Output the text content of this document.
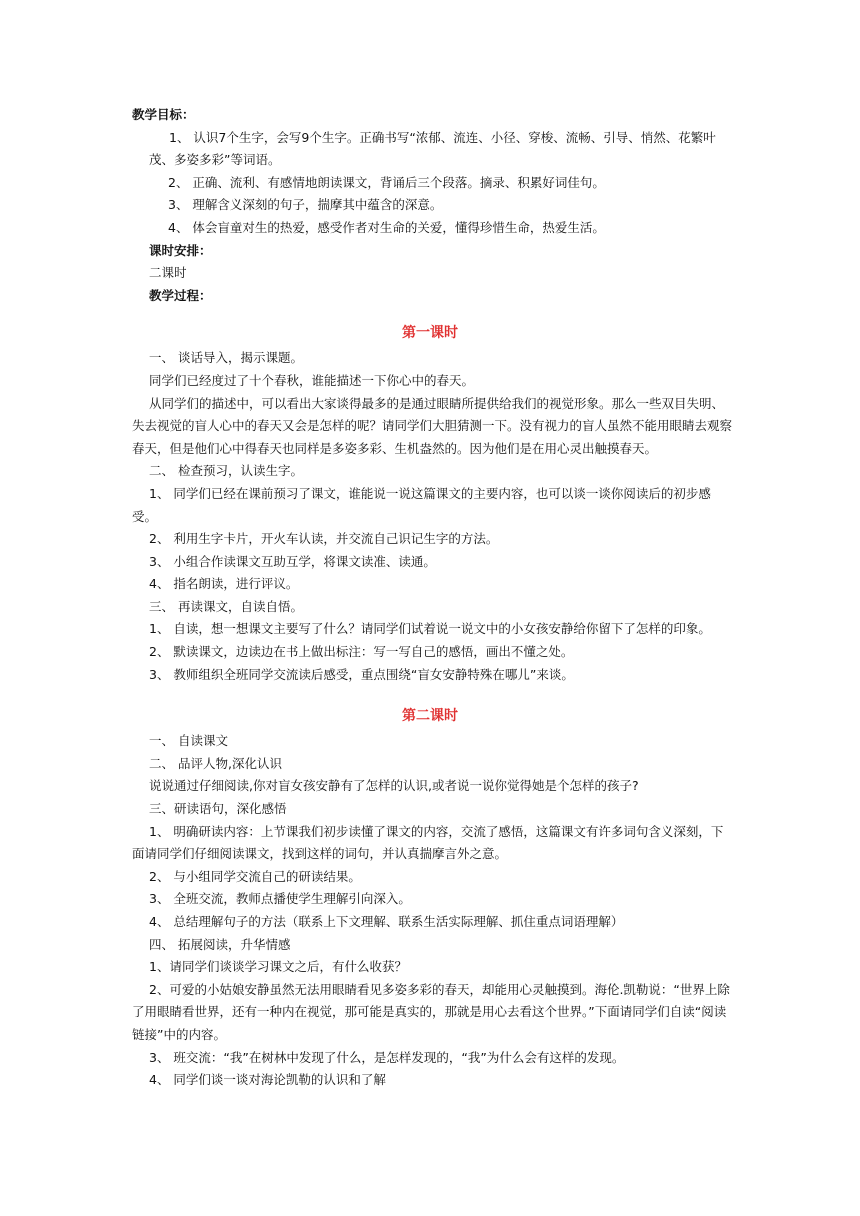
教学目标：

1、 认识7个生字，会写9个生字。正确书写“浓郁、流连、小径、穿梭、流畅、引导、悄然、花繁叶茂、多姿多彩”等词语。

2、 正确、流利、有感情地朗读课文，背诵后三个段落。摘录、积累好词佳句。

3、 理解含义深刻的句子，揣摩其中蕴含的深意。

4、 体会盲童对生的热爱，感受作者对生命的关爱，懂得珍惜生命，热爱生活。

课时安排：

二课时

教学过程：

第一课时

一、 谈话导入，揭示课题。

同学们已经度过了十个春秋，谁能描述一下你心中的春天。

从同学们的描述中，可以看出大家谈得最多的是通过眼睛所提供给我们的视觉形象。那么一些双目失明、失去视觉的盲人心中的春天又会是怎样的呢？请同学们大胆猜测一下。没有视力的盲人虽然不能用眼睛去观察春天，但是他们心中得春天也同样是多姿多彩、生机盎然的。因为他们是在用心灵出触摸春天。

二、 检查预习，认读生字。

1、 同学们已经在课前预习了课文，谁能说一说这篇课文的主要内容，也可以谈一谈你阅读后的初步感受。

2、 利用生字卡片，开火车认读，并交流自己识记生字的方法。

3、 小组合作读课文互助互学，将课文读准、读通。

4、 指名朗读，进行评议。

三、 再读课文，自读自悟。

1、 自读，想一想课文主要写了什么？请同学们试着说一说文中的小女孩安静给你留下了怎样的印象。

2、 默读课文，边读边在书上做出标注：写一写自己的感悟，画出不懂之处。

3、 教师组织全班同学交流读后感受，重点围绕“盲女安静特殊在哪儿”来谈。

第二课时

一、 自读课文

二、 品评人物,深化认识

说说通过仔细阅读,你对盲女孩安静有了怎样的认识,或者说一说你觉得她是个怎样的孩子?

三、研读语句，深化感悟

1、 明确研读内容：上节课我们初步读懂了课文的内容，交流了感悟，这篇课文有许多词句含义深刻，下面请同学们仔细阅读课文，找到这样的词句，并认真揣摩言外之意。

2、 与小组同学交流自己的研读结果。

3、 全班交流，教师点播使学生理解引向深入。

4、 总结理解句子的方法（联系上下文理解、联系生活实际理解、抓住重点词语理解）

四、 拓展阅读，升华情感

1、请同学们谈谈学习课文之后，有什么收获？

2、可爱的小姑娘安静虽然无法用眼睛看见多姿多彩的春天，却能用心灵触摸到。海伦.凯勒说：“世界上除了用眼睛看世界，还有一种内在视觉，那可能是真实的，那就是用心去看这个世界。”下面请同学们自读“阅读链接”中的内容。

3、 班交流：“我”在树林中发现了什么，是怎样发现的，“我”为什么会有这样的发现。

4、 同学们谈一谈对海论凯勒的认识和了解
